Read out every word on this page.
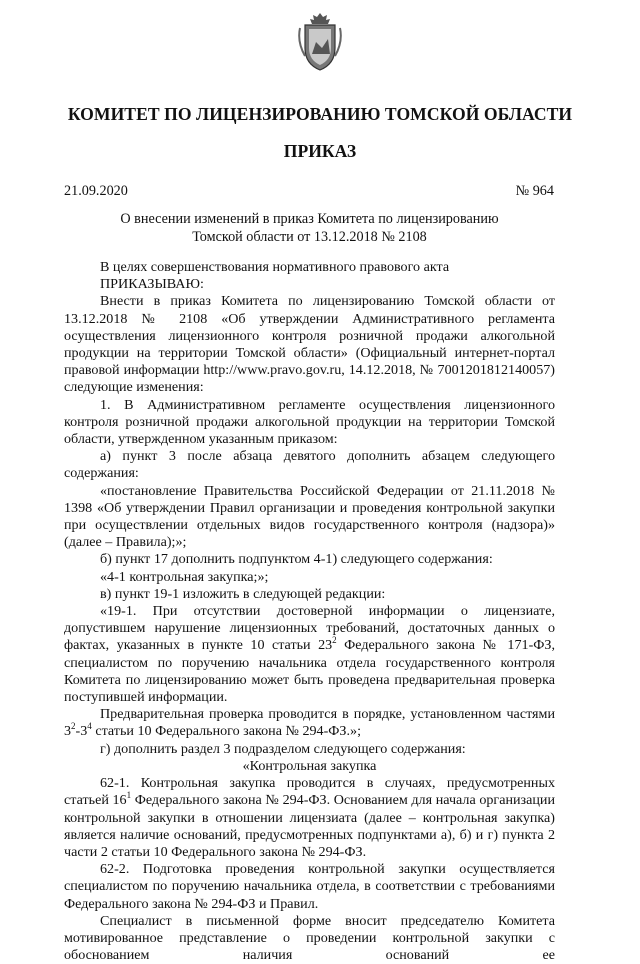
КОМИТЕТ ПО ЛИЦЕНЗИРОВАНИЮ ТОМСКОЙ ОБЛАСТИ
ПРИКАЗ
21.09.2020	№ 964
О внесении изменений в приказ Комитета по лицензированию
Томской области от 13.12.2018 № 2108

В целях совершенствования нормативного правового акта

ПРИКАЗЫВАЮ:

Внести в приказ Комитета по лицензированию Томской области от 13.12.2018 № 2108 «Об утверждении Административного регламента осуществления лицензионного контроля розничной продажи алкогольной продукции на территории Томской области» (Официальный интернет-портал правовой информации http://www.pravo.gov.ru, 14.12.2018, № 7001201812140057) следующие изменения:

1. В Административном регламенте осуществления лицензионного контроля розничной продажи алкогольной продукции на территории Томской области, утвержденном указанным приказом:

а) пункт 3 после абзаца девятого дополнить абзацем следующего содержания:

«постановление Правительства Российской Федерации от 21.11.2018 № 1398 «Об утверждении Правил организации и проведения контрольной закупки при осуществлении отдельных видов государственного контроля (надзора)» (далее – Правила);»;

б) пункт 17 дополнить подпунктом 4-1) следующего содержания:

«4-1 контрольная закупка;»;

в) пункт 19-1 изложить в следующей редакции:

«19-1. При отсутствии достоверной информации о лицензиате, допустившем нарушение лицензионных требований, достаточных данных о фактах, указанных в пункте 10 статьи $23^2$ Федерального закона № 171-ФЗ, специалистом по поручению начальника отдела государственного контроля Комитета по лицензированию может быть проведена предварительная проверка поступившей информации.

Предварительная проверка проводится в порядке, установленном частями $3^2-3^4$ статьи 10 Федерального закона № 294-ФЗ.»;

г) дополнить раздел 3 подразделом следующего содержания:

«Контрольная закупка

62-1. Контрольная закупка проводится в случаях, предусмотренных статьей $16^1$ Федерального закона № 294-ФЗ. Основанием для начала организации контрольной закупки в отношении лицензиата (далее – контрольная закупка) является наличие оснований, предусмотренных подпунктами а), б) и г) пункта 2 части 2 статьи 10 Федерального закона № 294-ФЗ.

62-2. Подготовка проведения контрольной закупки осуществляется специалистом по поручению начальника отдела, в соответствии с требованиями Федерального закона № 294-ФЗ и Правил.

Специалист в письменной форме вносит председателю Комитета мотивированное представление о проведении контрольной закупки с обоснованием наличия оснований ее
